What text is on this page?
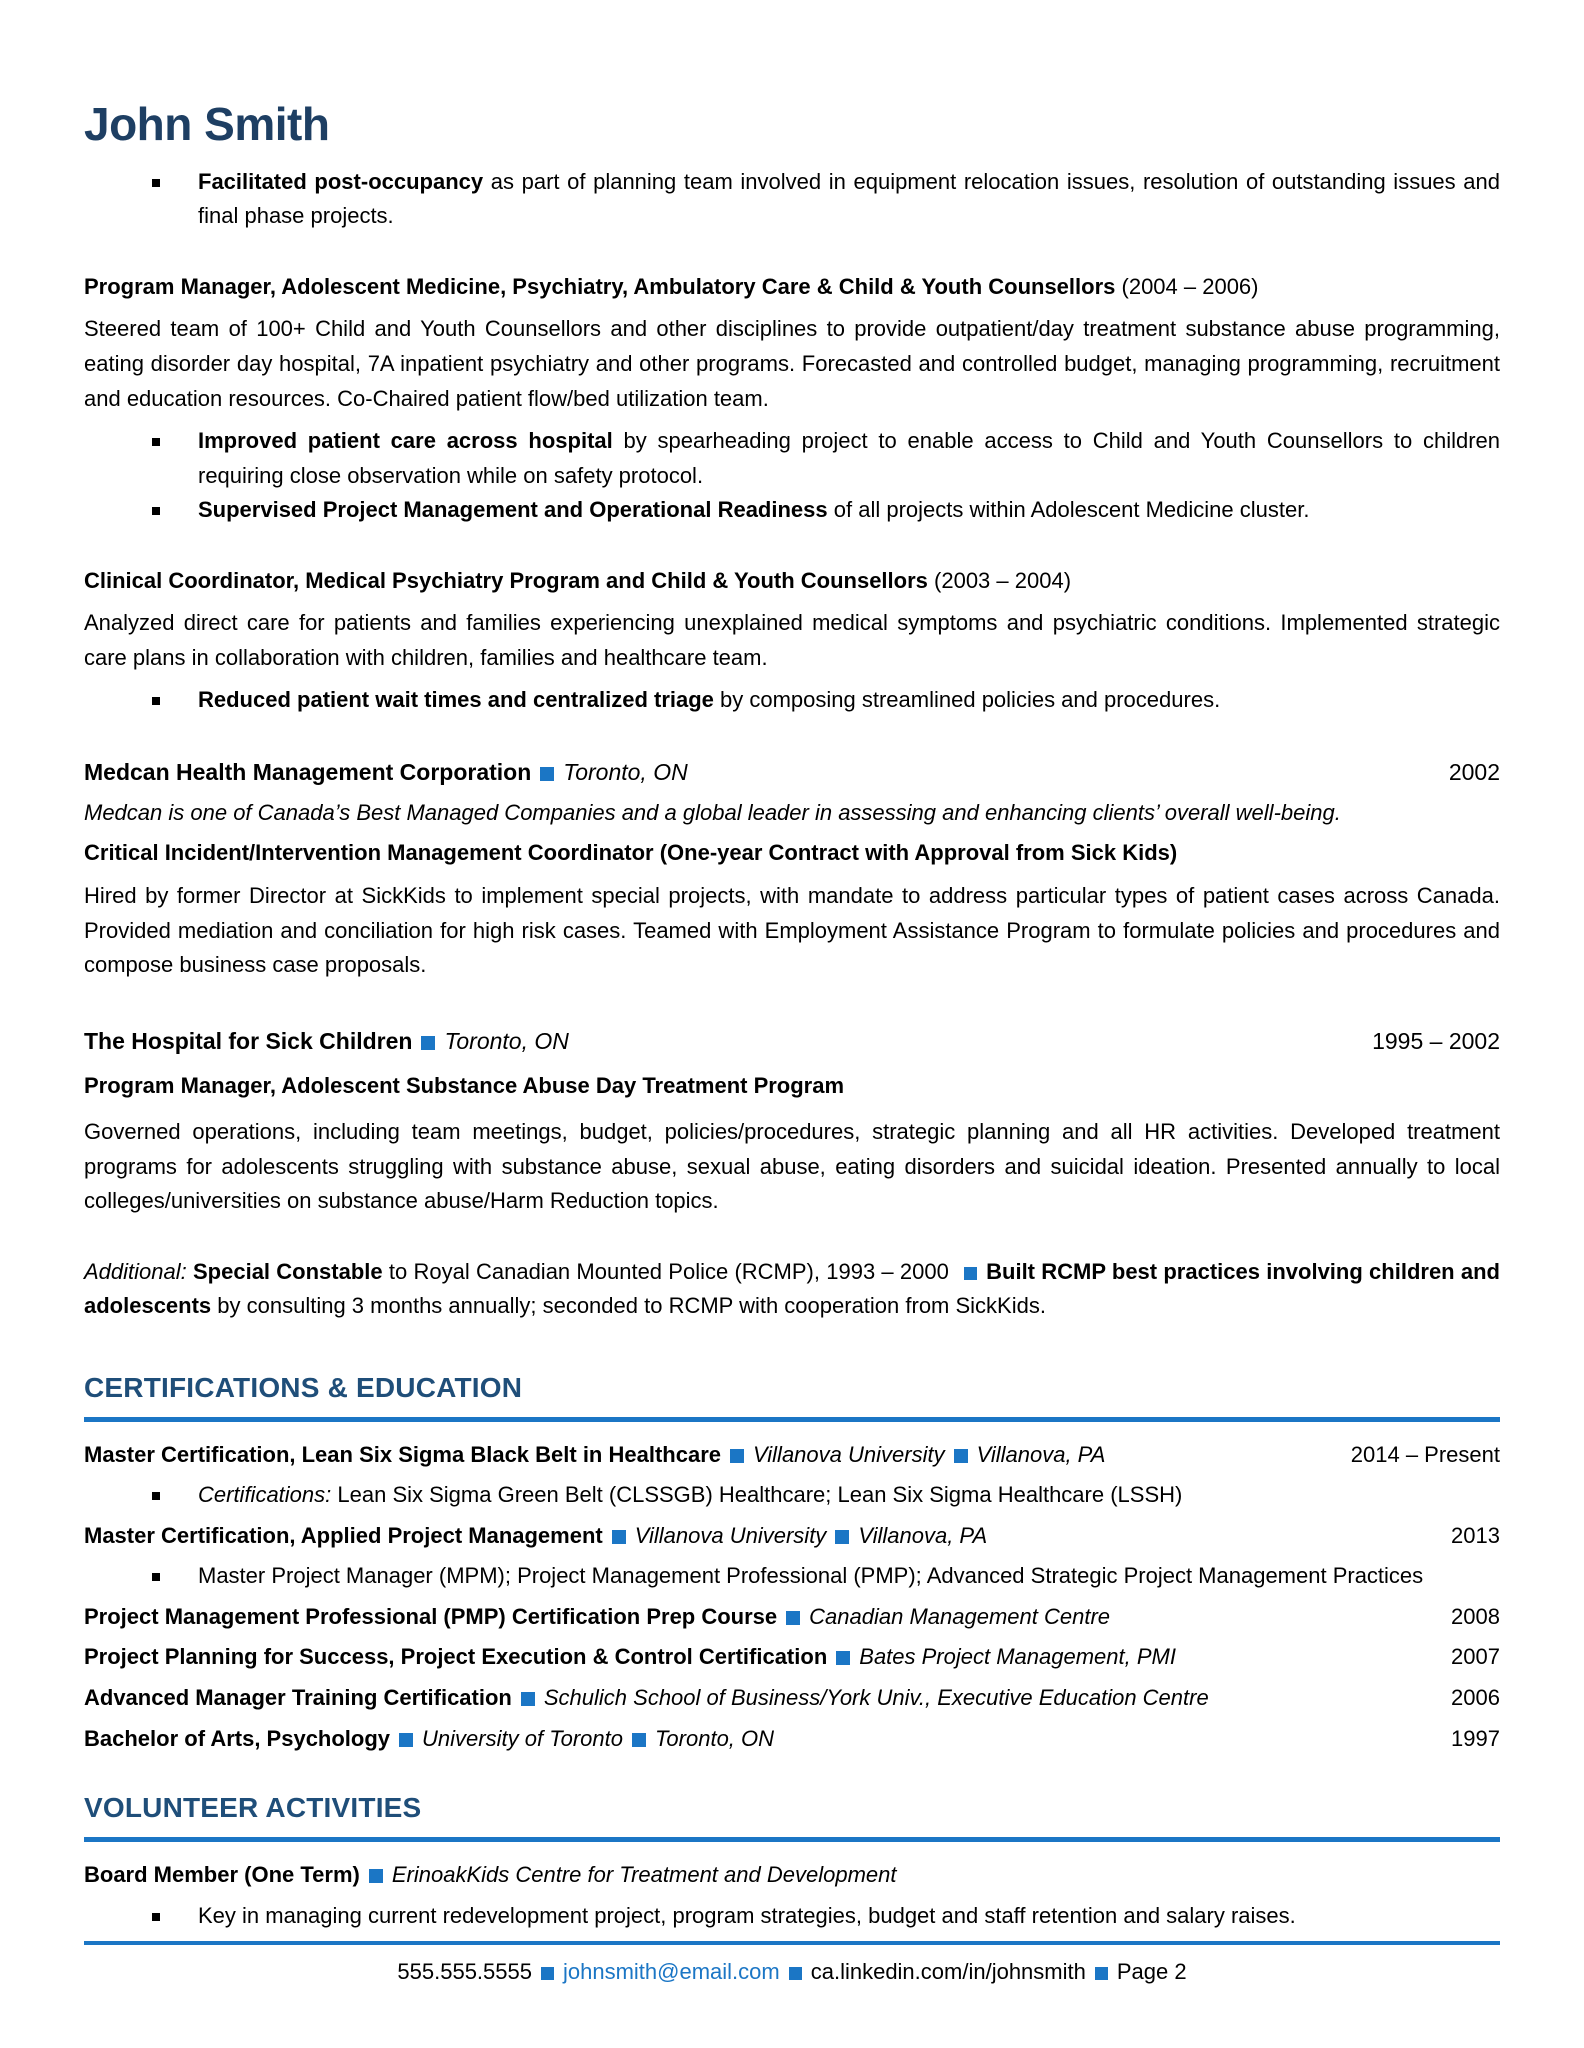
John Smith
Facilitated post-occupancy as part of planning team involved in equipment relocation issues, resolution of outstanding issues and final phase projects.

Program Manager, Adolescent Medicine, Psychiatry, Ambulatory Care & Child & Youth Counsellors (2004 – 2006)

Steered team of 100+ Child and Youth Counsellors and other disciplines to provide outpatient/day treatment substance abuse programming, eating disorder day hospital, 7A inpatient psychiatry and other programs. Forecasted and controlled budget, managing programming, recruitment and education resources. Co-Chaired patient flow/bed utilization team.

Improved patient care across hospital by spearheading project to enable access to Child and Youth Counsellors to children requiring close observation while on safety protocol.
Supervised Project Management and Operational Readiness of all projects within Adolescent Medicine cluster.

Clinical Coordinator, Medical Psychiatry Program and Child & Youth Counsellors (2003 – 2004)

Analyzed direct care for patients and families experiencing unexplained medical symptoms and psychiatric conditions. Implemented strategic care plans in collaboration with children, families and healthcare team.

Reduced patient wait times and centralized triage by composing streamlined policies and procedures.
Medcan Health Management Corporation Toronto, ON	2002

Medcan is one of Canada’s Best Managed Companies and a global leader in assessing and enhancing clients’ overall well-being.

Critical Incident/Intervention Management Coordinator (One-year Contract with Approval from Sick Kids)

Hired by former Director at SickKids to implement special projects, with mandate to address particular types of patient cases across Canada. Provided mediation and conciliation for high risk cases. Teamed with Employment Assistance Program to formulate policies and procedures and compose business case proposals.

The Hospital for Sick Children Toronto, ON	1995 – 2002

Program Manager, Adolescent Substance Abuse Day Treatment Program

Governed operations, including team meetings, budget, policies/procedures, strategic planning and all HR activities. Developed treatment programs for adolescents struggling with substance abuse, sexual abuse, eating disorders and suicidal ideation. Presented annually to local colleges/universities on substance abuse/Harm Reduction topics.

Additional: Special Constable to Royal Canadian Mounted Police (RCMP), 1993 – 2000 Built RCMP best practices involving children and adolescents by consulting 3 months annually; seconded to RCMP with cooperation from SickKids.

CERTIFICATIONS & EDUCATION
Master Certification, Lean Six Sigma Black Belt in Healthcare Villanova University Villanova, PA	2014 – Present
Certifications: Lean Six Sigma Green Belt (CLSSGB) Healthcare; Lean Six Sigma Healthcare (LSSH)
Master Certification, Applied Project Management Villanova University Villanova, PA	2013
Master Project Manager (MPM); Project Management Professional (PMP); Advanced Strategic Project Management Practices
Project Management Professional (PMP) Certification Prep Course Canadian Management Centre	2008
Project Planning for Success, Project Execution & Control Certification Bates Project Management, PMI	2007
Advanced Manager Training Certification Schulich School of Business/York Univ., Executive Education Centre	2006
Bachelor of Arts, Psychology University of Toronto Toronto, ON	1997
VOLUNTEER ACTIVITIES

Board Member (One Term) ErinoakKids Centre for Treatment and Development

Key in managing current redevelopment project, program strategies, budget and staff retention and salary raises.
555.555.5555 johnsmith@email.com ca.linkedin.com/in/johnsmith Page 2
